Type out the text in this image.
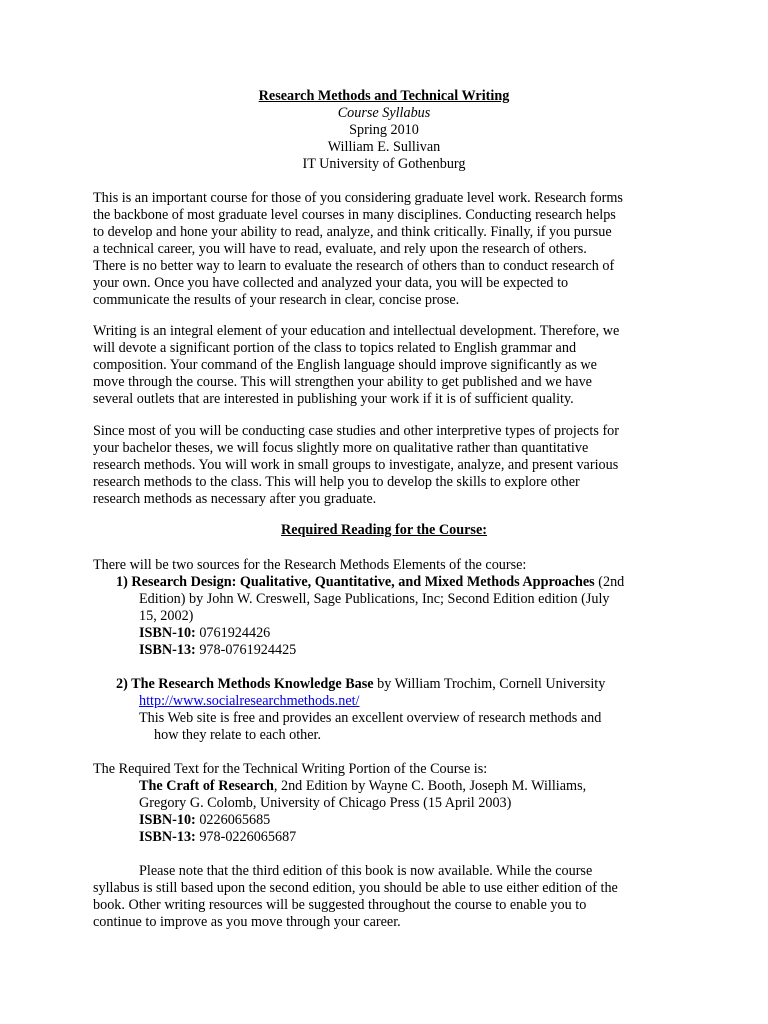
Research Methods and Technical Writing
Course Syllabus
Spring 2010
William E. Sullivan
IT University of Gothenburg
This is an important course for those of you considering graduate level work. Research forms
the backbone of most graduate level courses in many disciplines. Conducting research helps
to develop and hone your ability to read, analyze, and think critically. Finally, if you pursue
a technical career, you will have to read, evaluate, and rely upon the research of others.
There is no better way to learn to evaluate the research of others than to conduct research of
your own. Once you have collected and analyzed your data, you will be expected to
communicate the results of your research in clear, concise prose.
Writing is an integral element of your education and intellectual development. Therefore, we
will devote a significant portion of the class to topics related to English grammar and
composition. Your command of the English language should improve significantly as we
move through the course. This will strengthen your ability to get published and we have
several outlets that are interested in publishing your work if it is of sufficient quality.
Since most of you will be conducting case studies and other interpretive types of projects for
your bachelor theses, we will focus slightly more on qualitative rather than quantitative
research methods. You will work in small groups to investigate, analyze, and present various
research methods to the class. This will help you to develop the skills to explore other
research methods as necessary after you graduate.
Required Reading for the Course:
There will be two sources for the Research Methods Elements of the course:
1) Research Design: Qualitative, Quantitative, and Mixed Methods Approaches (2nd
Edition) by John W. Creswell, Sage Publications, Inc; Second Edition edition (July
15, 2002)
ISBN-10: 0761924426
ISBN-13: 978-0761924425
2) The Research Methods Knowledge Base by William Trochim, Cornell University
http://www.socialresearchmethods.net/
This Web site is free and provides an excellent overview of research methods and
how they relate to each other.
The Required Text for the Technical Writing Portion of the Course is:
The Craft of Research, 2nd Edition by Wayne C. Booth, Joseph M. Williams,
Gregory G. Colomb, University of Chicago Press (15 April 2003)
ISBN-10: 0226065685
ISBN-13: 978-0226065687
Please note that the third edition of this book is now available. While the course
syllabus is still based upon the second edition, you should be able to use either edition of the
book. Other writing resources will be suggested throughout the course to enable you to
continue to improve as you move through your career.
